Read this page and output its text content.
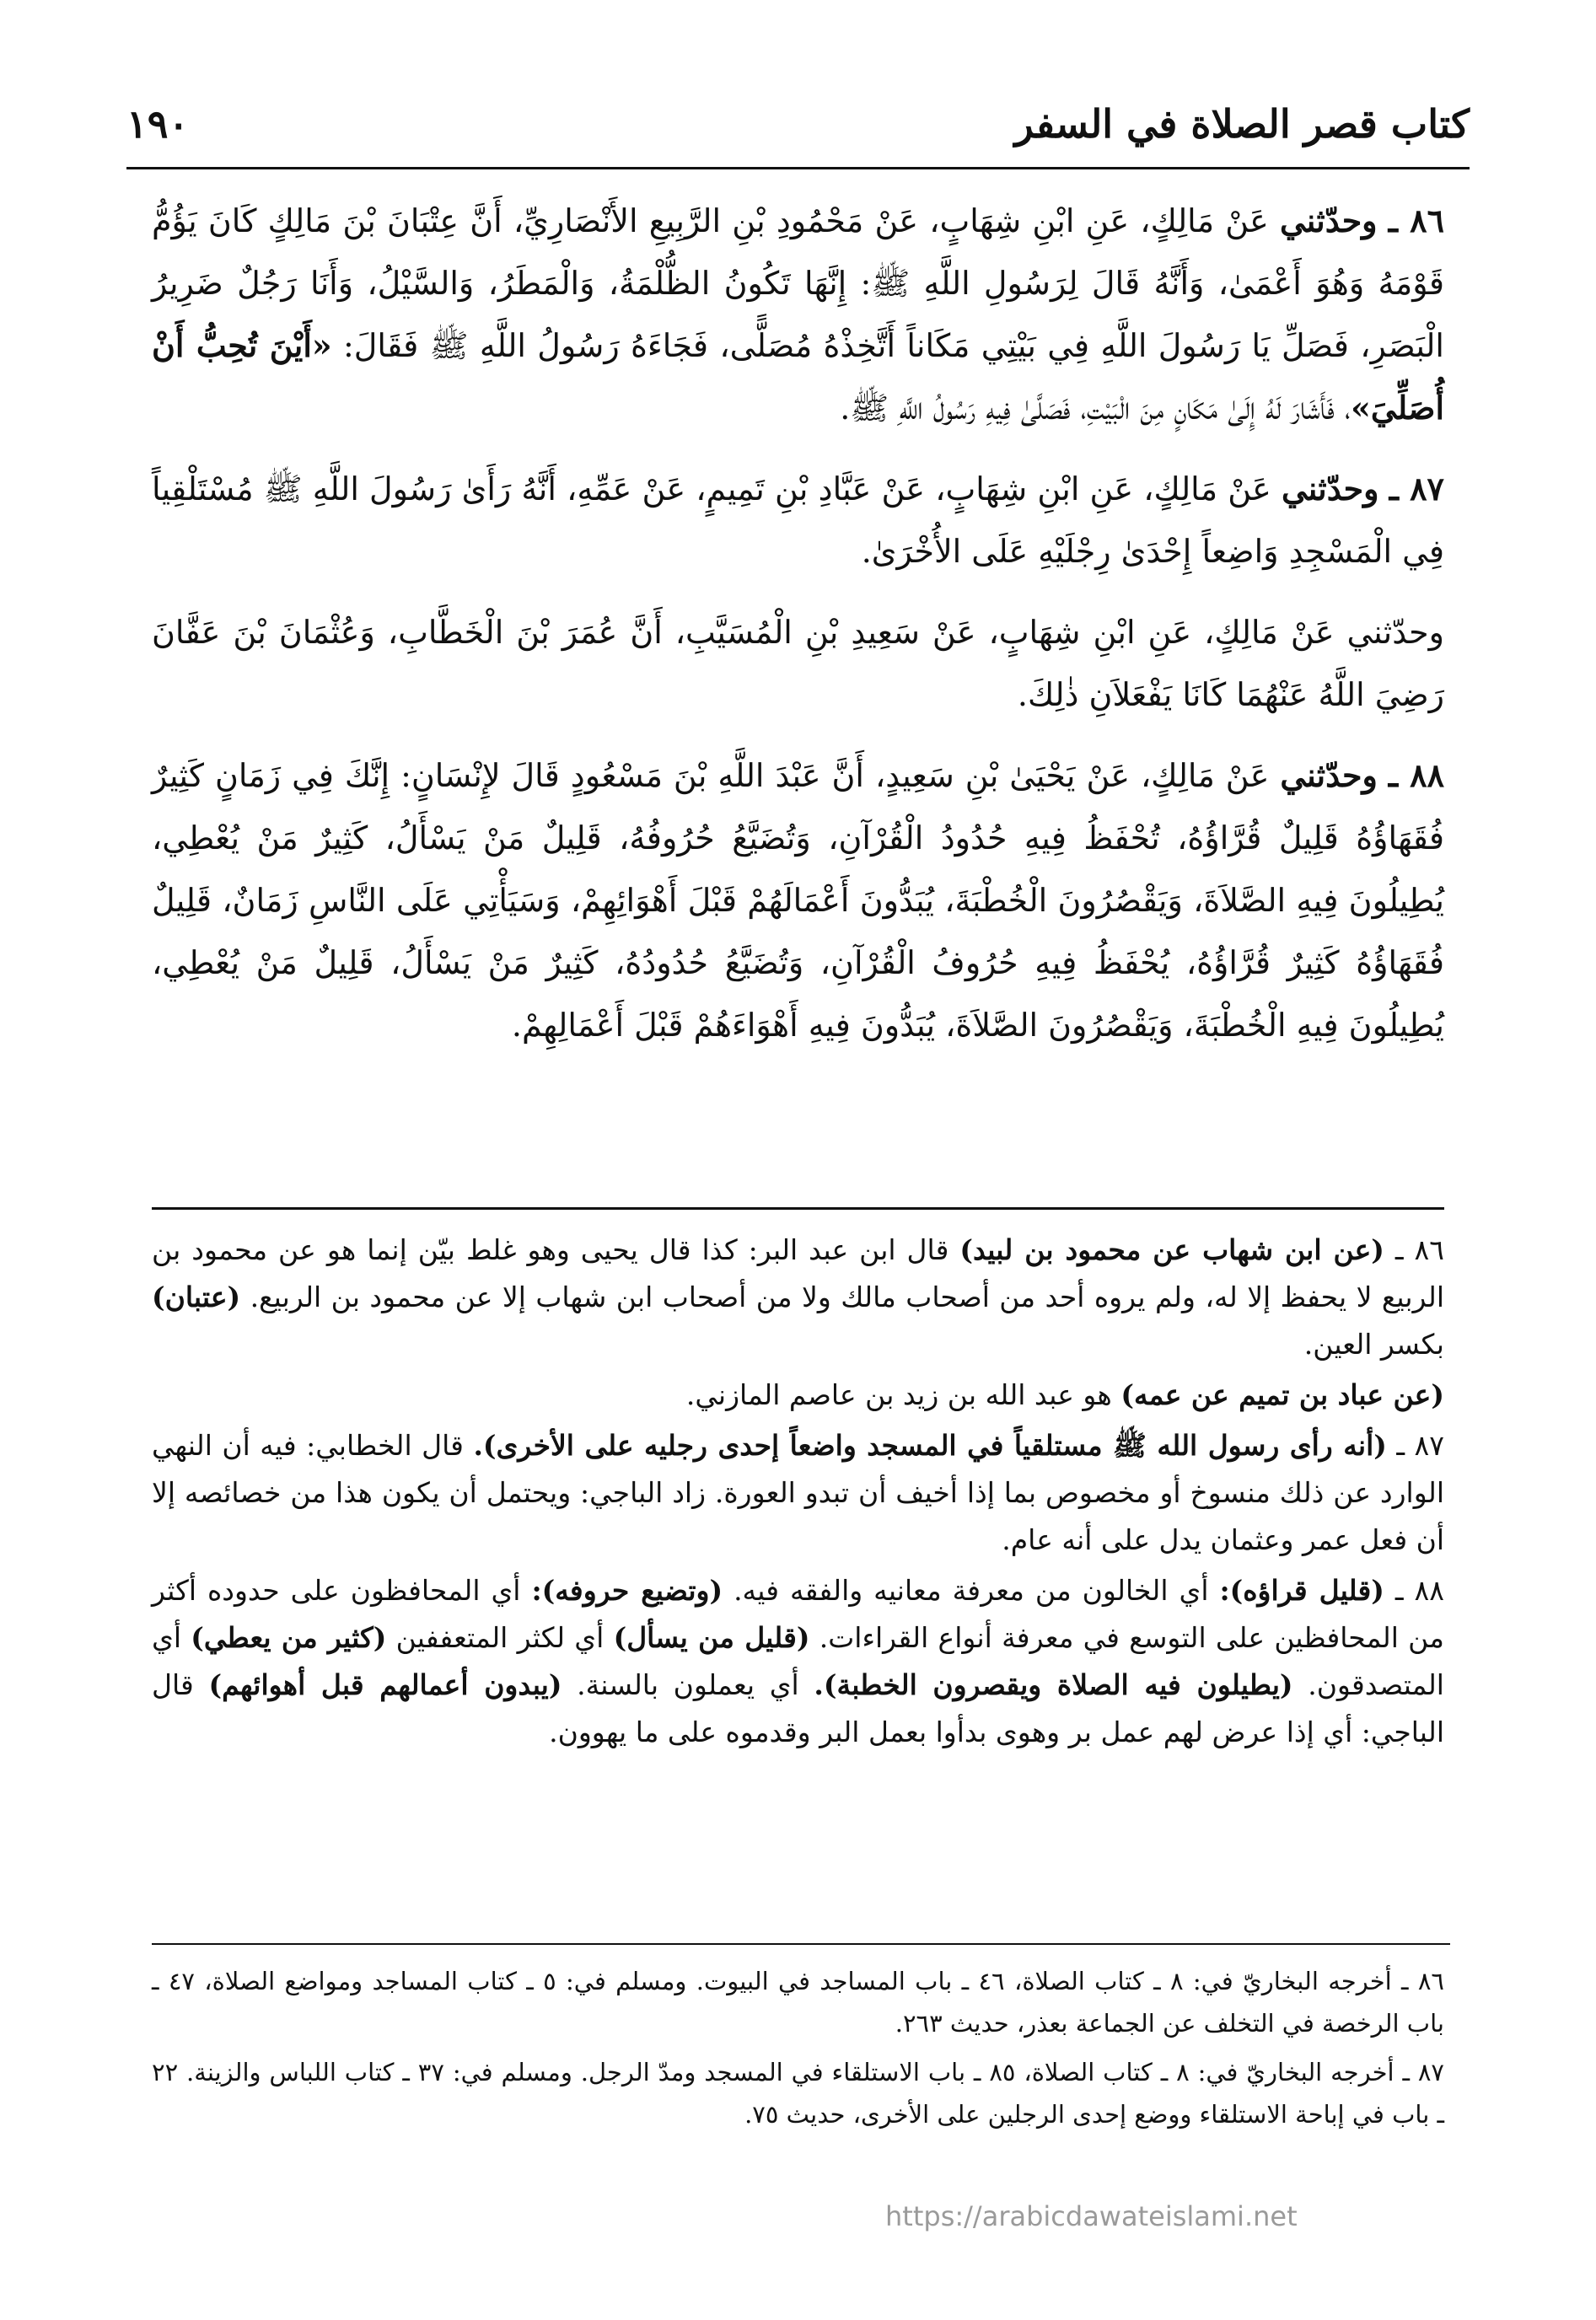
كتاب قصر الصلاة في السفر
١٩٠

٨٦ ـ وحدّثني عَنْ مَالِكٍ، عَنِ ابْنِ شِهَابٍ، عَنْ مَحْمُودِ بْنِ الرَّبِيعِ الأَنْصَارِيِّ، أَنَّ عِتْبَانَ بْنَ مَالِكٍ كَانَ يَؤُمُّ قَوْمَهُ وَهُوَ أَعْمَىٰ، وَأَنَّهُ قَالَ لِرَسُولِ اللَّهِ ﷺ: إِنَّهَا تَكُونُ الظُّلْمَةُ، وَالْمَطَرُ، وَالسَّيْلُ، وَأَنَا رَجُلٌ ضَرِيرُ الْبَصَرِ، فَصَلِّ يَا رَسُولَ اللَّهِ فِي بَيْتِي مَكَاناً أَتَّخِذْهُ مُصَلًّى، فَجَاءَهُ رَسُولُ اللَّهِ ﷺ فَقَالَ: «أَيْنَ تُحِبُّ أَنْ أُصَلِّيَ»، فَأَشَارَ لَهُ إِلَىٰ مَكَانٍ مِنَ الْبَيْتِ، فَصَلَّىٰ فِيهِ رَسُولُ اللَّهِ ﷺ.

٨٧ ـ وحدّثني عَنْ مَالِكٍ، عَنِ ابْنِ شِهَابٍ، عَنْ عَبَّادِ بْنِ تَمِيمٍ، عَنْ عَمِّهِ، أَنَّهُ رَأَىٰ رَسُولَ اللَّهِ ﷺ مُسْتَلْقِياً فِي الْمَسْجِدِ وَاضِعاً إِحْدَىٰ رِجْلَيْهِ عَلَى الأُخْرَىٰ.

وحدّثني عَنْ مَالِكٍ، عَنِ ابْنِ شِهَابٍ، عَنْ سَعِيدِ بْنِ الْمُسَيَّبِ، أَنَّ عُمَرَ بْنَ الْخَطَّابِ، وَعُثْمَانَ بْنَ عَفَّانَ رَضِيَ اللَّهُ عَنْهُمَا كَانَا يَفْعَلاَنِ ذٰلِكَ.

٨٨ ـ وحدّثني عَنْ مَالِكٍ، عَنْ يَحْيَىٰ بْنِ سَعِيدٍ، أَنَّ عَبْدَ اللَّهِ بْنَ مَسْعُودٍ قَالَ لإِنْسَانٍ: إِنَّكَ فِي زَمَانٍ كَثِيرٌ فُقَهَاؤُهُ قَلِيلٌ قُرَّاؤُهُ، تُحْفَظُ فِيهِ حُدُودُ الْقُرْآنِ، وَتُضَيَّعُ حُرُوفُهُ، قَلِيلٌ مَنْ يَسْأَلُ، كَثِيرٌ مَنْ يُعْطِي، يُطِيلُونَ فِيهِ الصَّلاَةَ، وَيَقْصُرُونَ الْخُطْبَةَ، يُبَدُّونَ أَعْمَالَهُمْ قَبْلَ أَهْوَائِهِمْ، وَسَيَأْتِي عَلَى النَّاسِ زَمَانٌ، قَلِيلٌ فُقَهَاؤُهُ كَثِيرٌ قُرَّاؤُهُ، يُحْفَظُ فِيهِ حُرُوفُ الْقُرْآنِ، وَتُضَيَّعُ حُدُودُهُ، كَثِيرٌ مَنْ يَسْأَلُ، قَلِيلٌ مَنْ يُعْطِي، يُطِيلُونَ فِيهِ الْخُطْبَةَ، وَيَقْصُرُونَ الصَّلاَةَ، يُبَدُّونَ فِيهِ أَهْوَاءَهُمْ قَبْلَ أَعْمَالِهِمْ.

٨٦ ـ (عن ابن شهاب عن محمود بن لبيد) قال ابن عبد البر: كذا قال يحيى وهو غلط بيّن إنما هو عن محمود بن الربيع لا يحفظ إلا له، ولم يروه أحد من أصحاب مالك ولا من أصحاب ابن شهاب إلا عن محمود بن الربيع. (عتبان) بكسر العين.

(عن عباد بن تميم عن عمه) هو عبد الله بن زيد بن عاصم المازني.

٨٧ ـ (أنه رأى رسول الله ﷺ مستلقياً في المسجد واضعاً إحدى رجليه على الأخرى). قال الخطابي: فيه أن النهي الوارد عن ذلك منسوخ أو مخصوص بما إذا أخيف أن تبدو العورة. زاد الباجي: ويحتمل أن يكون هذا من خصائصه إلا أن فعل عمر وعثمان يدل على أنه عام.

٨٨ ـ (قليل قراؤه): أي الخالون من معرفة معانيه والفقه فيه. (وتضيع حروفه): أي المحافظون على حدوده أكثر من المحافظين على التوسع في معرفة أنواع القراءات. (قليل من يسأل) أي لكثر المتعففين (كثير من يعطي) أي المتصدقون. (يطيلون فيه الصلاة ويقصرون الخطبة). أي يعملون بالسنة. (يبدون أعمالهم قبل أهوائهم) قال الباجي: أي إذا عرض لهم عمل بر وهوى بدأوا بعمل البر وقدموه على ما يهوون.

٨٦ ـ أخرجه البخاريّ في: ٨ ـ كتاب الصلاة، ٤٦ ـ باب المساجد في البيوت. ومسلم في: ٥ ـ كتاب المساجد ومواضع الصلاة، ٤٧ ـ باب الرخصة في التخلف عن الجماعة بعذر، حديث ٢٦٣.

٨٧ ـ أخرجه البخاريّ في: ٨ ـ كتاب الصلاة، ٨٥ ـ باب الاستلقاء في المسجد ومدّ الرجل. ومسلم في: ٣٧ ـ كتاب اللباس والزينة. ٢٢ ـ باب في إباحة الاستلقاء ووضع إحدى الرجلين على الأخرى، حديث ٧٥.

https://arabicdawateislami.net
